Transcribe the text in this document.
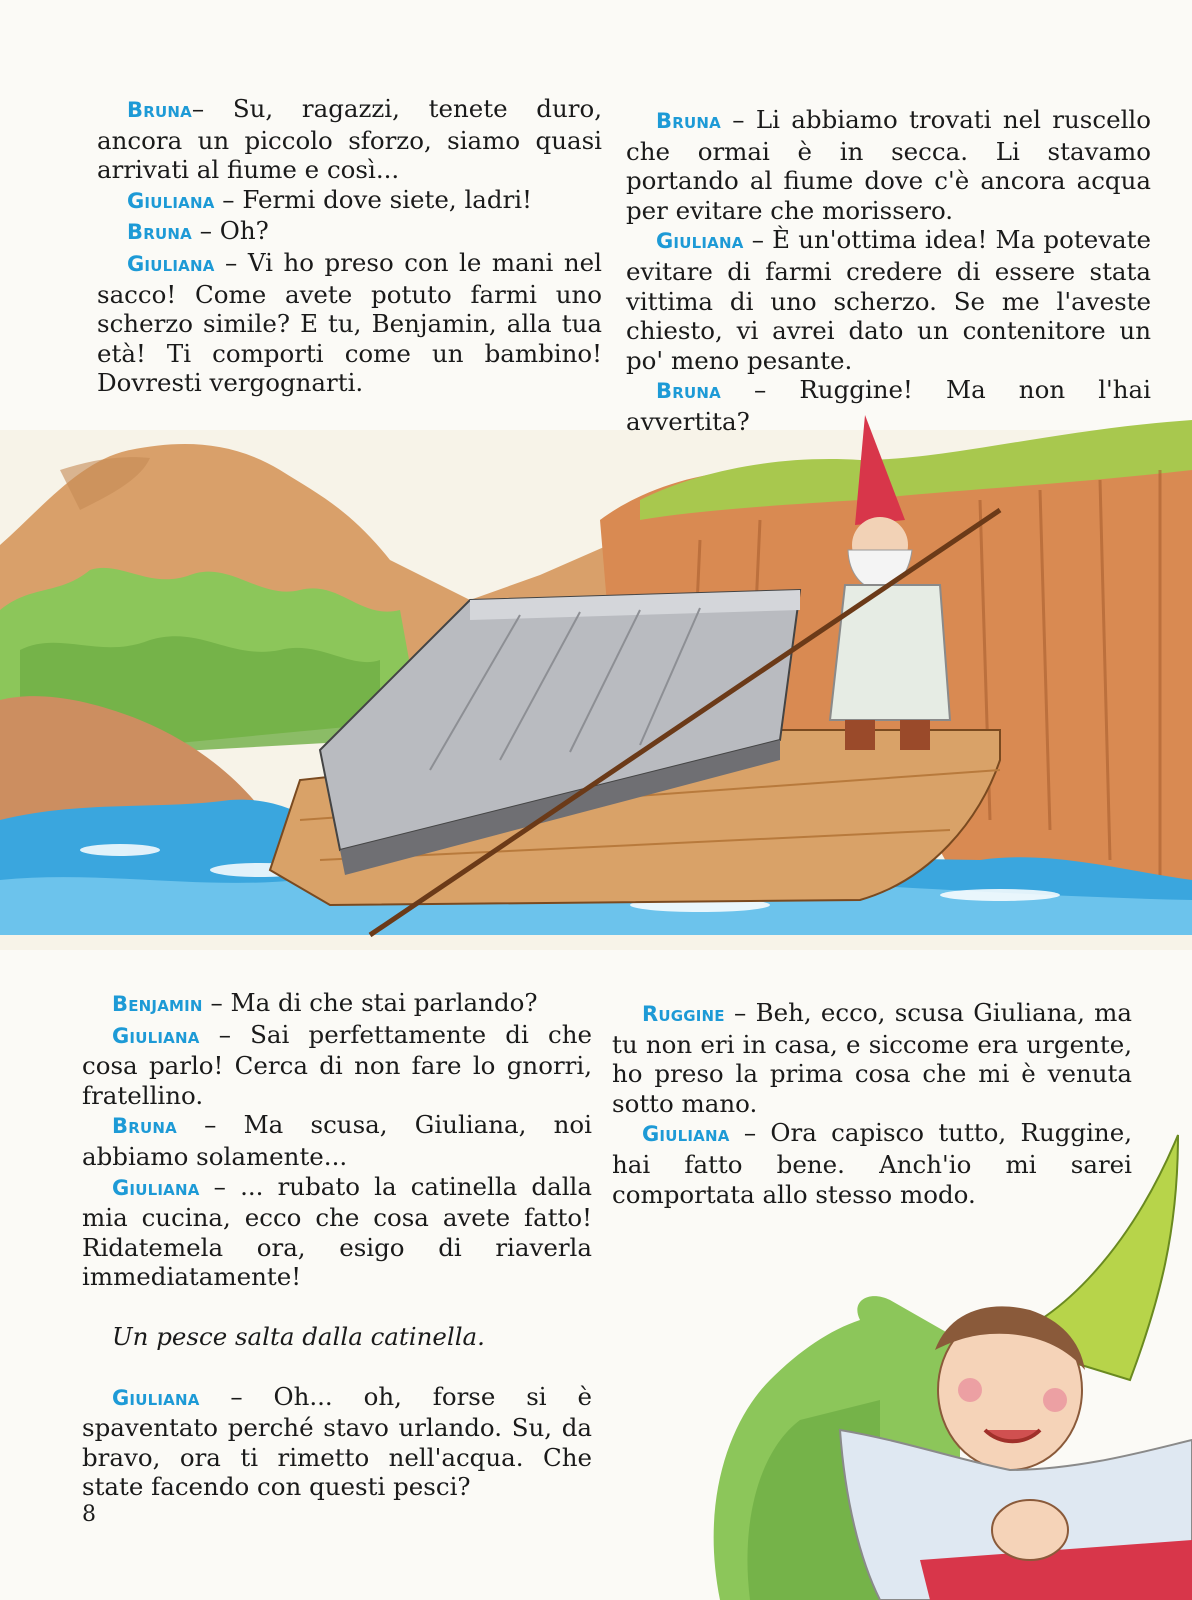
Bruna– Su, ragazzi, tenete duro, ancora un piccolo sforzo, siamo quasi arrivati al fiume e così...

Giuliana – Fermi dove siete, ladri!

Bruna – Oh?

Giuliana – Vi ho preso con le mani nel sacco! Come avete potuto farmi uno scherzo simile? E tu, Benjamin, alla tua età! Ti comporti come un bambino! Dovresti vergognarti.

Bruna – Li abbiamo trovati nel ruscello che ormai è in secca. Li stavamo portando al fiume dove c'è ancora acqua per evitare che morissero.

Giuliana – È un'ottima idea! Ma potevate evitare di farmi credere di essere stata vittima di uno scherzo. Se me l'aveste chiesto, vi avrei dato un contenitore un po' meno pesante.

Bruna – Ruggine! Ma non l'hai avvertita?

Benjamin – Ma di che stai parlando?

Giuliana – Sai perfettamente di che cosa parlo! Cerca di non fare lo gnorri, fratellino.

Bruna – Ma scusa, Giuliana, noi abbiamo solamente...

Giuliana – ... rubato la catinella dalla mia cucina, ecco che cosa avete fatto! Ridatemela ora, esigo di riaverla immediatamente!

Un pesce salta dalla catinella.

Giuliana – Oh... oh, forse si è spaventato perché stavo urlando. Su, da bravo, ora ti rimetto nell'acqua. Che state facendo con questi pesci?

Ruggine – Beh, ecco, scusa Giuliana, ma tu non eri in casa, e siccome era urgente, ho preso la prima cosa che mi è venuta sotto mano.

Giuliana – Ora capisco tutto, Ruggine, hai fatto bene. Anch'io mi sarei comportata allo stesso modo.

8
